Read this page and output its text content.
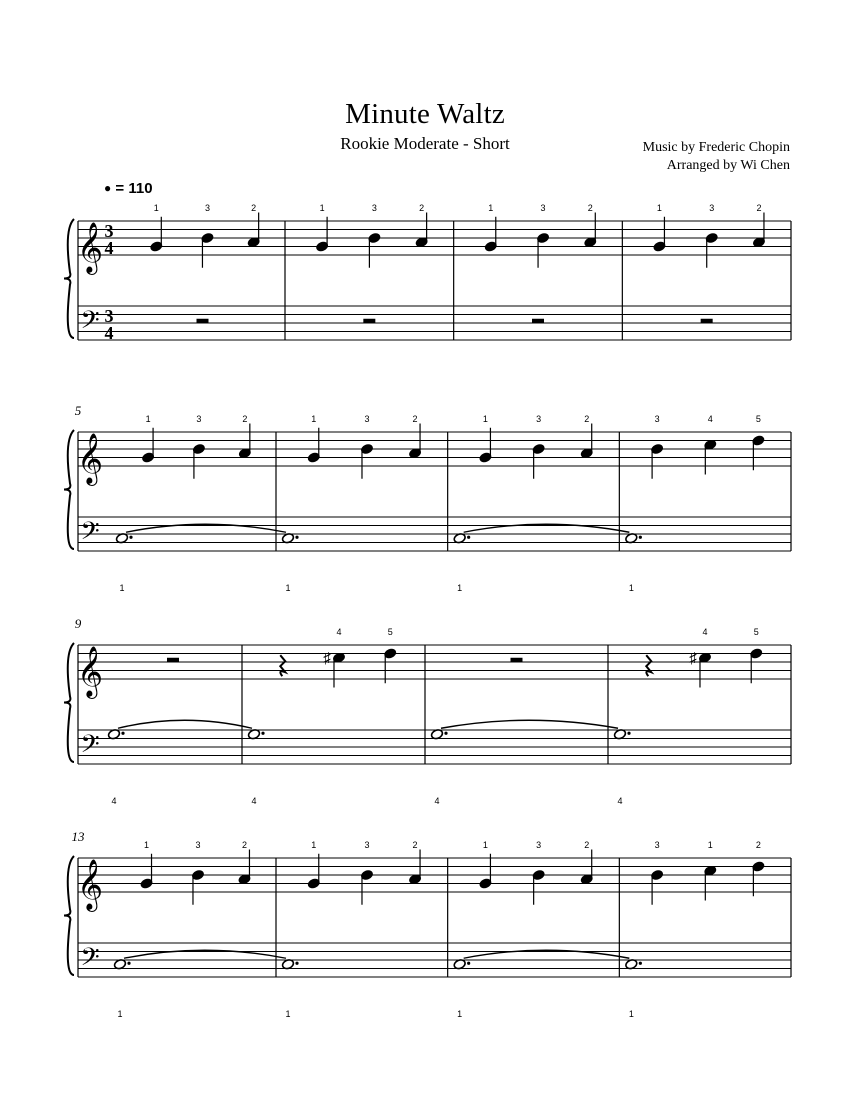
Minute Waltz
Rookie Moderate - Short	Music by Frederic Chopin
Arranged by Wi Chen
● = 110
𝄞
𝄢
3
4
3
4
1	3	2	1	3	2	1	3	2	1	3	2
𝄞
𝄢
5
1	3	2
1
1	3	2
1
1	3	2
1
3	4	5
1
𝄞
𝄢
9
4
♯
4	5
4	4
♯
4	5
4
𝄞
𝄢
13
1	3	2
1
1	3	2
1
1	3	2
1
3	1	2
1
